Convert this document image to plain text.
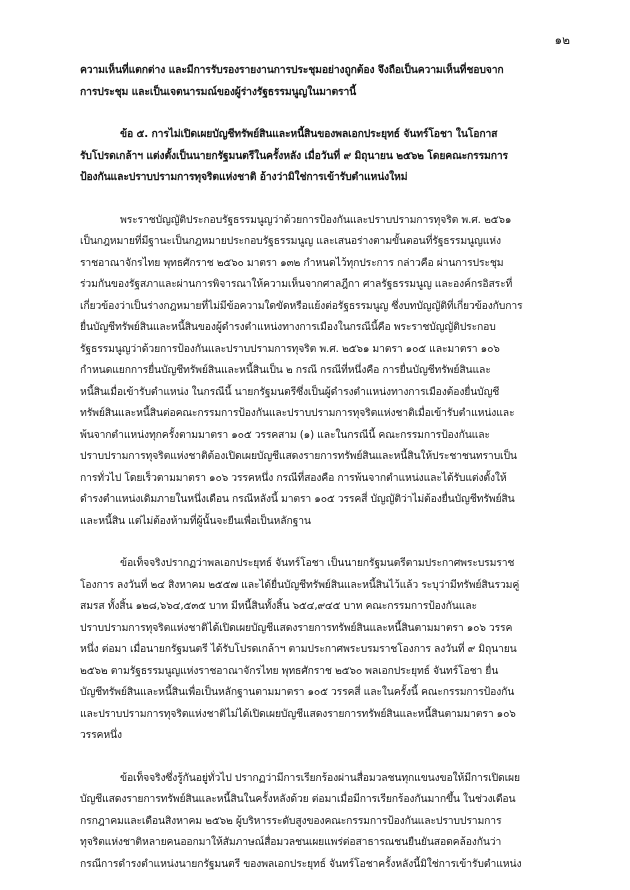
๑๒
ความเห็นที่แตกต่าง และมีการรับรองรายงานการประชุมอย่างถูกต้อง จึงถือเป็นความเห็นที่ชอบจาก
การประชุม และเป็นเจตนารมณ์ของผู้ร่างรัฐธรรมนูญในมาตรานี้
ข้อ ๕. การไม่เปิดเผยบัญชีทรัพย์สินและหนี้สินของพลเอกประยุทธ์ จันทร์โอชา ในโอกาส
รับโปรดเกล้าฯ แต่งตั้งเป็นนายกรัฐมนตรีในครั้งหลัง เมื่อวันที่ ๙ มิถุนายน ๒๕๖๒ โดยคณะกรรมการ
ป้องกันและปราบปรามการทุจริตแห่งชาติ อ้างว่ามิใช่การเข้ารับตำแหน่งใหม่
พระราชบัญญัติประกอบรัฐธรรมนูญว่าด้วยการป้องกันและปราบปรามการทุจริต พ.ศ. ๒๕๖๑
เป็นกฎหมายที่มีฐานะเป็นกฎหมายประกอบรัฐธรรมนูญ และเสนอร่างตามขั้นตอนที่รัฐธรรมนูญแห่ง
ราชอาณาจักรไทย พุทธศักราช ๒๕๖๐ มาตรา ๑๓๒ กำหนดไว้ทุกประการ กล่าวคือ ผ่านการประชุม
ร่วมกันของรัฐสภาและผ่านการพิจารณาให้ความเห็นจากศาลฎีกา ศาลรัฐธรรมนูญ และองค์กรอิสระที่
เกี่ยวข้องว่าเป็นร่างกฎหมายที่ไม่มีข้อความใดขัดหรือแย้งต่อรัฐธรรมนูญ ซึ่งบทบัญญัติที่เกี่ยวข้องกับการ
ยื่นบัญชีทรัพย์สินและหนี้สินของผู้ดำรงตำแหน่งทางการเมืองในกรณีนี้คือ พระราชบัญญัติประกอบ
รัฐธรรมนูญว่าด้วยการป้องกันและปราบปรามการทุจริต พ.ศ. ๒๕๖๑ มาตรา ๑๐๕ และมาตรา ๑๐๖
กำหนดแยกการยื่นบัญชีทรัพย์สินและหนี้สินเป็น ๒ กรณี กรณีที่หนึ่งคือ การยื่นบัญชีทรัพย์สินและ
หนี้สินเมื่อเข้ารับตำแหน่ง ในกรณีนี้ นายกรัฐมนตรีซึ่งเป็นผู้ดำรงตำแหน่งทางการเมืองต้องยื่นบัญชี
ทรัพย์สินและหนี้สินต่อคณะกรรมการป้องกันและปราบปรามการทุจริตแห่งชาติเมื่อเข้ารับตำแหน่งและ
พ้นจากตำแหน่งทุกครั้งตามมาตรา ๑๐๕ วรรคสาม (๑) และในกรณีนี้ คณะกรรมการป้องกันและ
ปราบปรามการทุจริตแห่งชาติต้องเปิดเผยบัญชีแสดงรายการทรัพย์สินและหนี้สินให้ประชาชนทราบเป็น
การทั่วไป โดยเร็วตามมาตรา ๑๐๖ วรรคหนึ่ง กรณีที่สองคือ การพ้นจากตำแหน่งและได้รับแต่งตั้งให้
ดำรงตำแหน่งเดิมภายในหนึ่งเดือน กรณีหลังนี้ มาตรา ๑๐๕ วรรคสี่ บัญญัติว่าไม่ต้องยื่นบัญชีทรัพย์สิน
และหนี้สิน แต่ไม่ต้องห้ามที่ผู้นั้นจะยืนเพื่อเป็นหลักฐาน
ข้อเท็จจริงปรากฏว่าพลเอกประยุทธ์ จันทร์โอชา เป็นนายกรัฐมนตรีตามประกาศพระบรมราช
โองการ ลงวันที่ ๒๔ สิงหาคม ๒๕๕๗ และได้ยื่นบัญชีทรัพย์สินและหนี้สินไว้แล้ว ระบุว่ามีทรัพย์สินรวมคู่
สมรส ทั้งสิ้น ๑๒๘,๖๖๔,๕๓๕ บาท มีหนี้สินทั้งสิ้น ๖๕๔,๙๔๕ บาท คณะกรรมการป้องกันและ
ปราบปรามการทุจริตแห่งชาติได้เปิดเผยบัญชีแสดงรายการทรัพย์สินและหนี้สินตามมาตรา ๑๐๖ วรรค
หนึ่ง ต่อมา เมื่อนายกรัฐมนตรี ได้รับโปรดเกล้าฯ ตามประกาศพระบรมราชโองการ ลงวันที่ ๙ มิถุนายน
๒๕๖๒ ตามรัฐธรรมนูญแห่งราชอาณาจักรไทย พุทธศักราช ๒๕๖๐ พลเอกประยุทธ์ จันทร์โอชา ยื่น
บัญชีทรัพย์สินและหนี้สินเพื่อเป็นหลักฐานตามมาตรา ๑๐๕ วรรคสี่ และในครั้งนี้ คณะกรรมการป้องกัน
และปราบปรามการทุจริตแห่งชาติไม่ได้เปิดเผยบัญชีแสดงรายการทรัพย์สินและหนี้สินตามมาตรา ๑๐๖
วรรคหนึ่ง
ข้อเท็จจริงซึ่งรู้กันอยู่ทั่วไป ปรากฏว่ามีการเรียกร้องผ่านสื่อมวลชนทุกแขนงขอให้มีการเปิดเผย
บัญชีแสดงรายการทรัพย์สินและหนี้สินในครั้งหลังด้วย ต่อมาเมื่อมีการเรียกร้องกันมากขึ้น ในช่วงเดือน
กรกฎาคมและเดือนสิงหาคม ๒๕๖๒ ผู้บริหารระดับสูงของคณะกรรมการป้องกันและปราบปรามการ
ทุจริตแห่งชาติหลายคนออกมาให้สัมภาษณ์สื่อมวลชนเผยแพร่ต่อสาธารณชนยืนยันสอดคล้องกันว่า
กรณีการดำรงตำแหน่งนายกรัฐมนตรี ของพลเอกประยุทธ์ จันทร์โอชาครั้งหลังนี้มิใช่การเข้ารับตำแหน่ง
